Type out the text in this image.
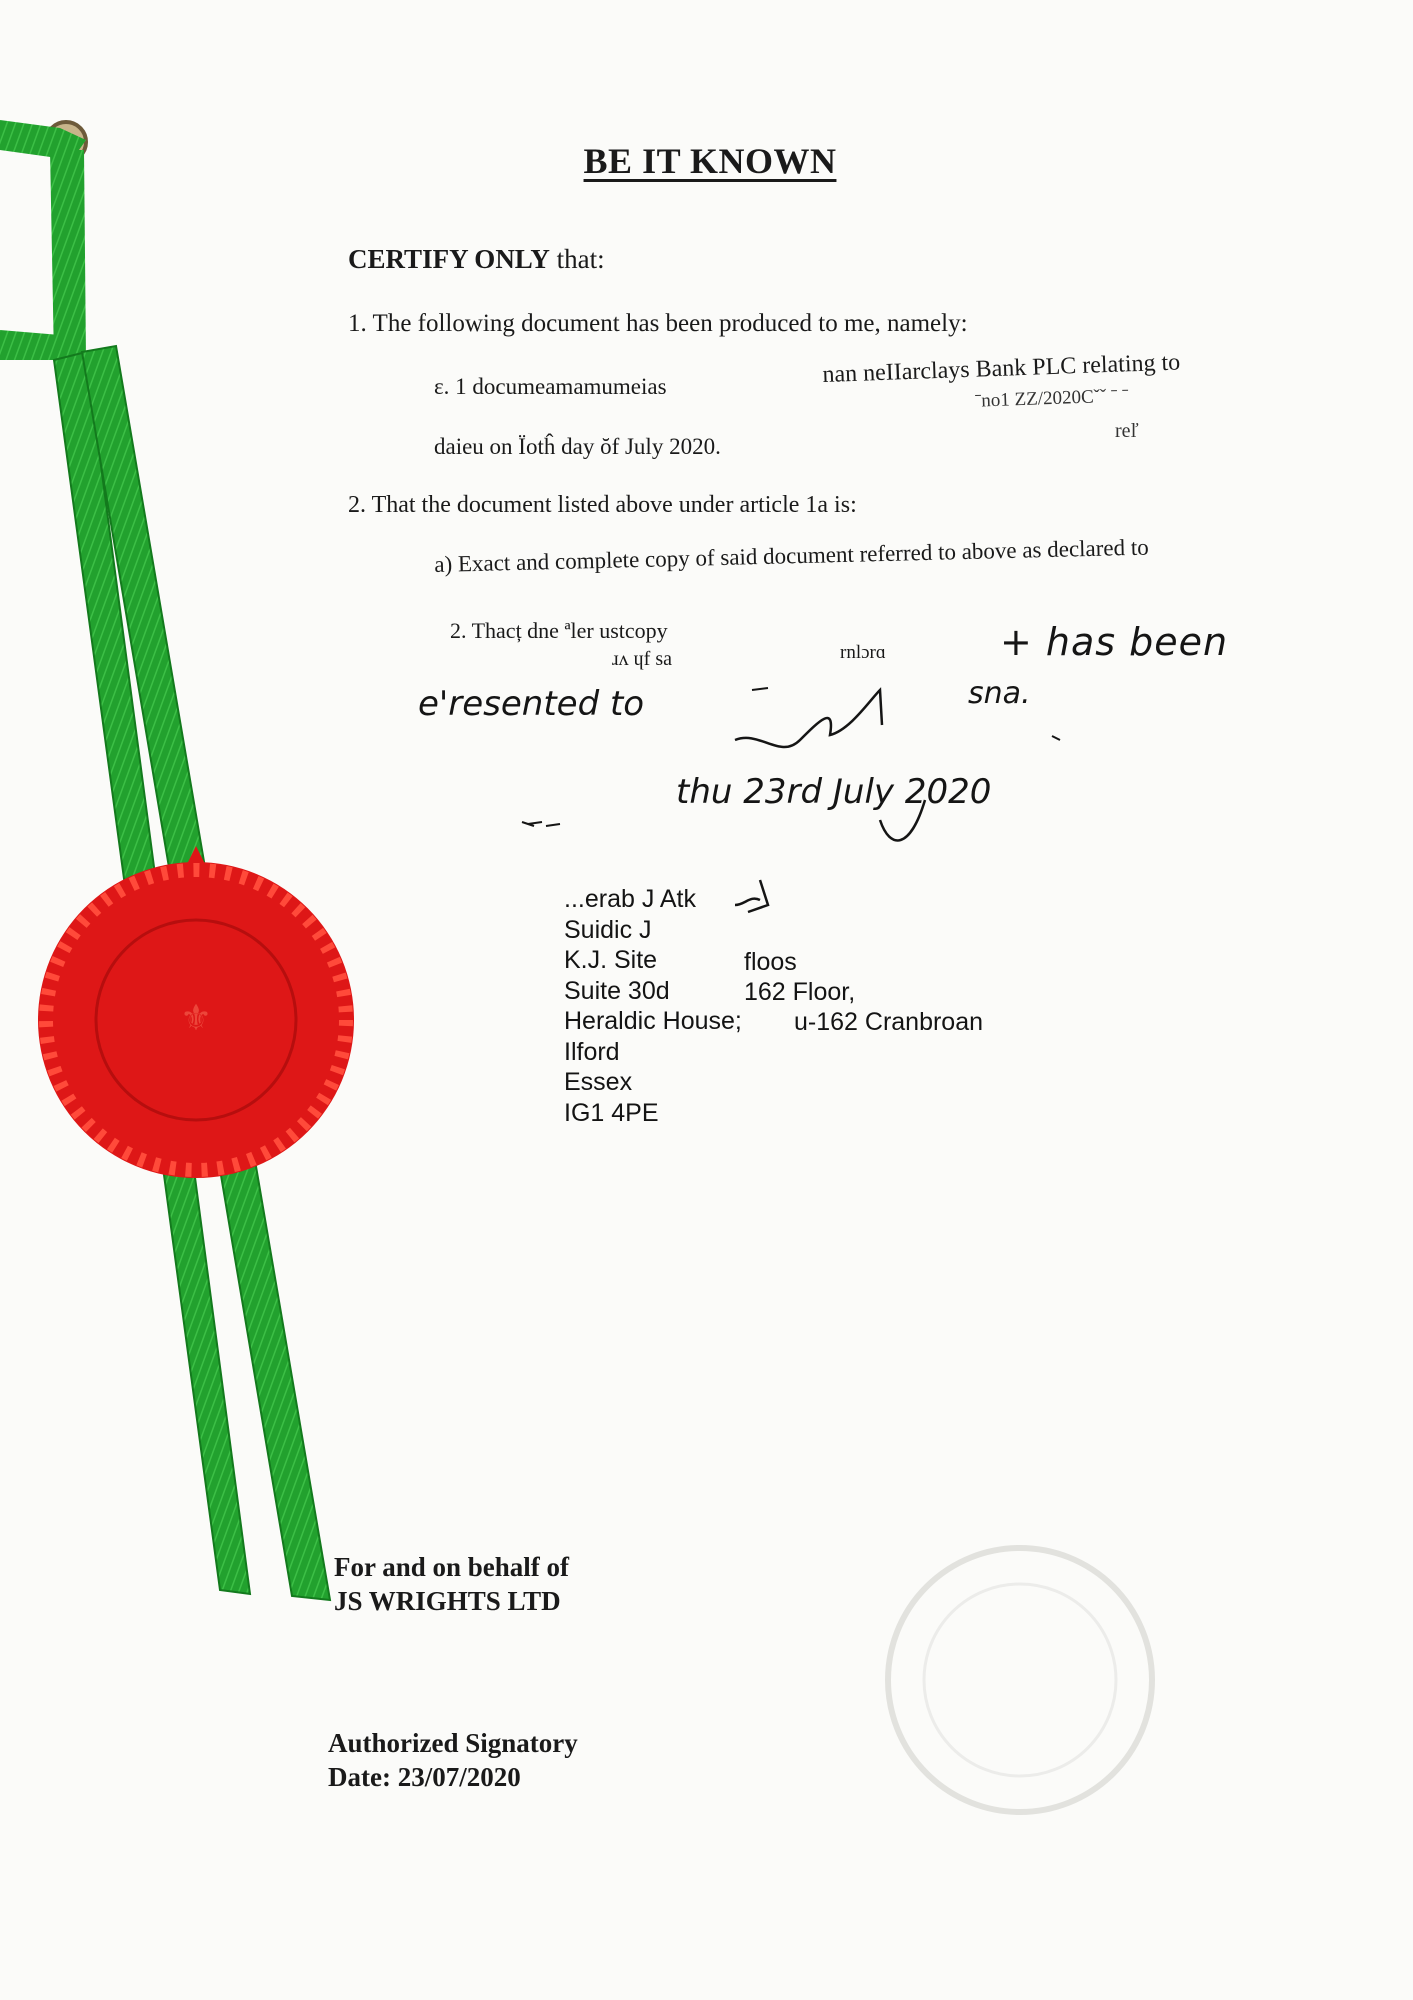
⚜
BE IT KNOWN
CERTIFY ONLY that:
1. The following document has been produced to me, namely:
ε. 1 documeamamumeias	nan neIIarclays Bank PLC relating to
ˉno1 ZZ/2020Cˇˇ ˉ ˉ
reľ
daieu on Ïotĥ day ŏf July 2020.
2. That the document listed above under article 1a is:
a) Exact and complete copy of said document referred to above as declared to
2. Thacț dne ªler ustcopy
ɹʌ ɥf sa	rnlɔrɑ	+ has been
e'resented to	sna.
thu 23rd July 2020
...erab J Atk
Suidic J
K.J. Site
Suite 30d
Heraldic House;
Ilford
Essex
IG1 4PE
floos
162 Floor,
u-162 Cranbroan
For and on behalf of
JS WRIGHTS LTD
Authorized Signatory
Date: 23/07/2020
